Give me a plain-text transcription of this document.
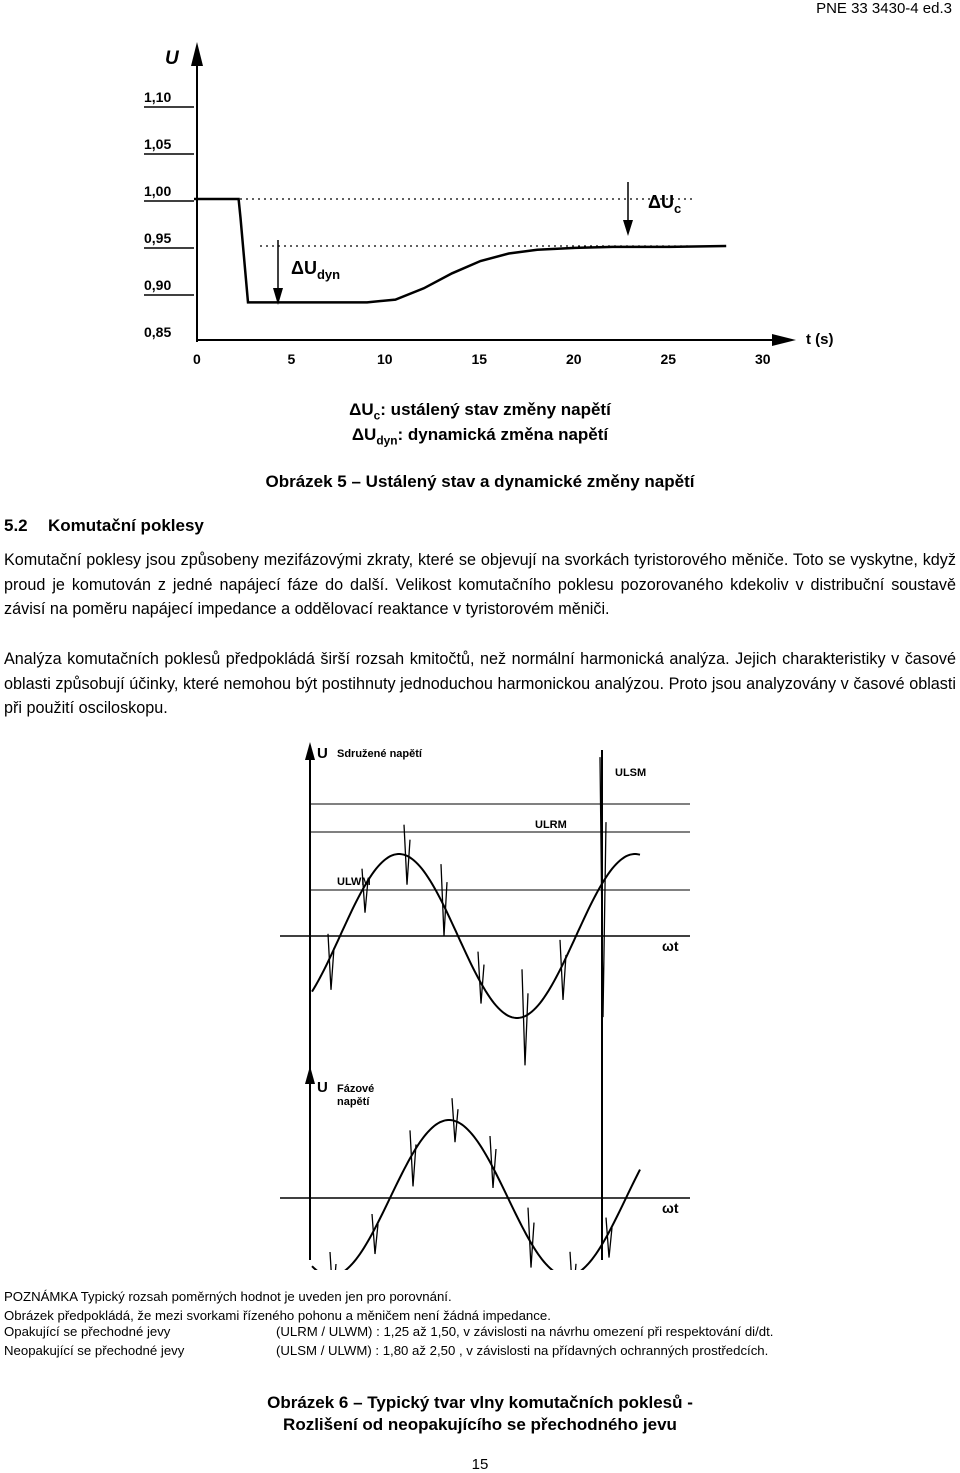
PNE 33 3430-4 ed.3
U
t (s)
1,10
1,05
1,00
0,95
0,90
0,85
0	5	10	15	20	25	30
$\Delta U_{dyn}$
$\Delta U_c$
$\Delta U_c$: ustálený stav změny napětí
$\Delta U_{dyn}$: dynamická změna napětí
Obrázek 5 – Ustálený stav a dynamické změny napětí
5.2 Komutační poklesy
Komutační poklesy jsou způsobeny mezifázovými zkraty, které se objevují na svorkách tyristorového měniče. Toto se vyskytne, když proud je komutován z jedné napájecí fáze do další. Velikost komutačního poklesu pozorovaného kdekoliv v distribuční soustavě závisí na poměru napájecí impedance a oddělovací reaktance v tyristorovém měniči.
Analýza komutačních poklesů předpokládá širší rozsah kmitočtů, než normální harmonická analýza. Jejich charakteristiky v časové oblasti způsobují účinky, které nemohou být postihnuty jednoduchou harmonickou analýzou. Proto jsou analyzovány v časové oblasti při použití osciloskopu.
U Sdružené napětí
ULSM
ULRM
ULWM
ωt
U Fázové
napětí
ωt
POZNÁMKA Typický rozsah poměrných hodnot je uveden jen pro porovnání.
Obrázek předpokládá, že mezi svorkami řízeného pohonu a měničem není žádná impedance.
Opakující se přechodné jevy	(ULRM / ULWM) : 1,25 až 1,50, v závislosti na návrhu omezení při respektování di/dt.
Neopakující se přechodné jevy	(ULSM / ULWM) : 1,80 až 2,50 , v závislosti na přídavných ochranných prostředcích.
Obrázek 6 – Typický tvar vlny komutačních poklesů -
Rozlišení od neopakujícího se přechodného jevu
15
